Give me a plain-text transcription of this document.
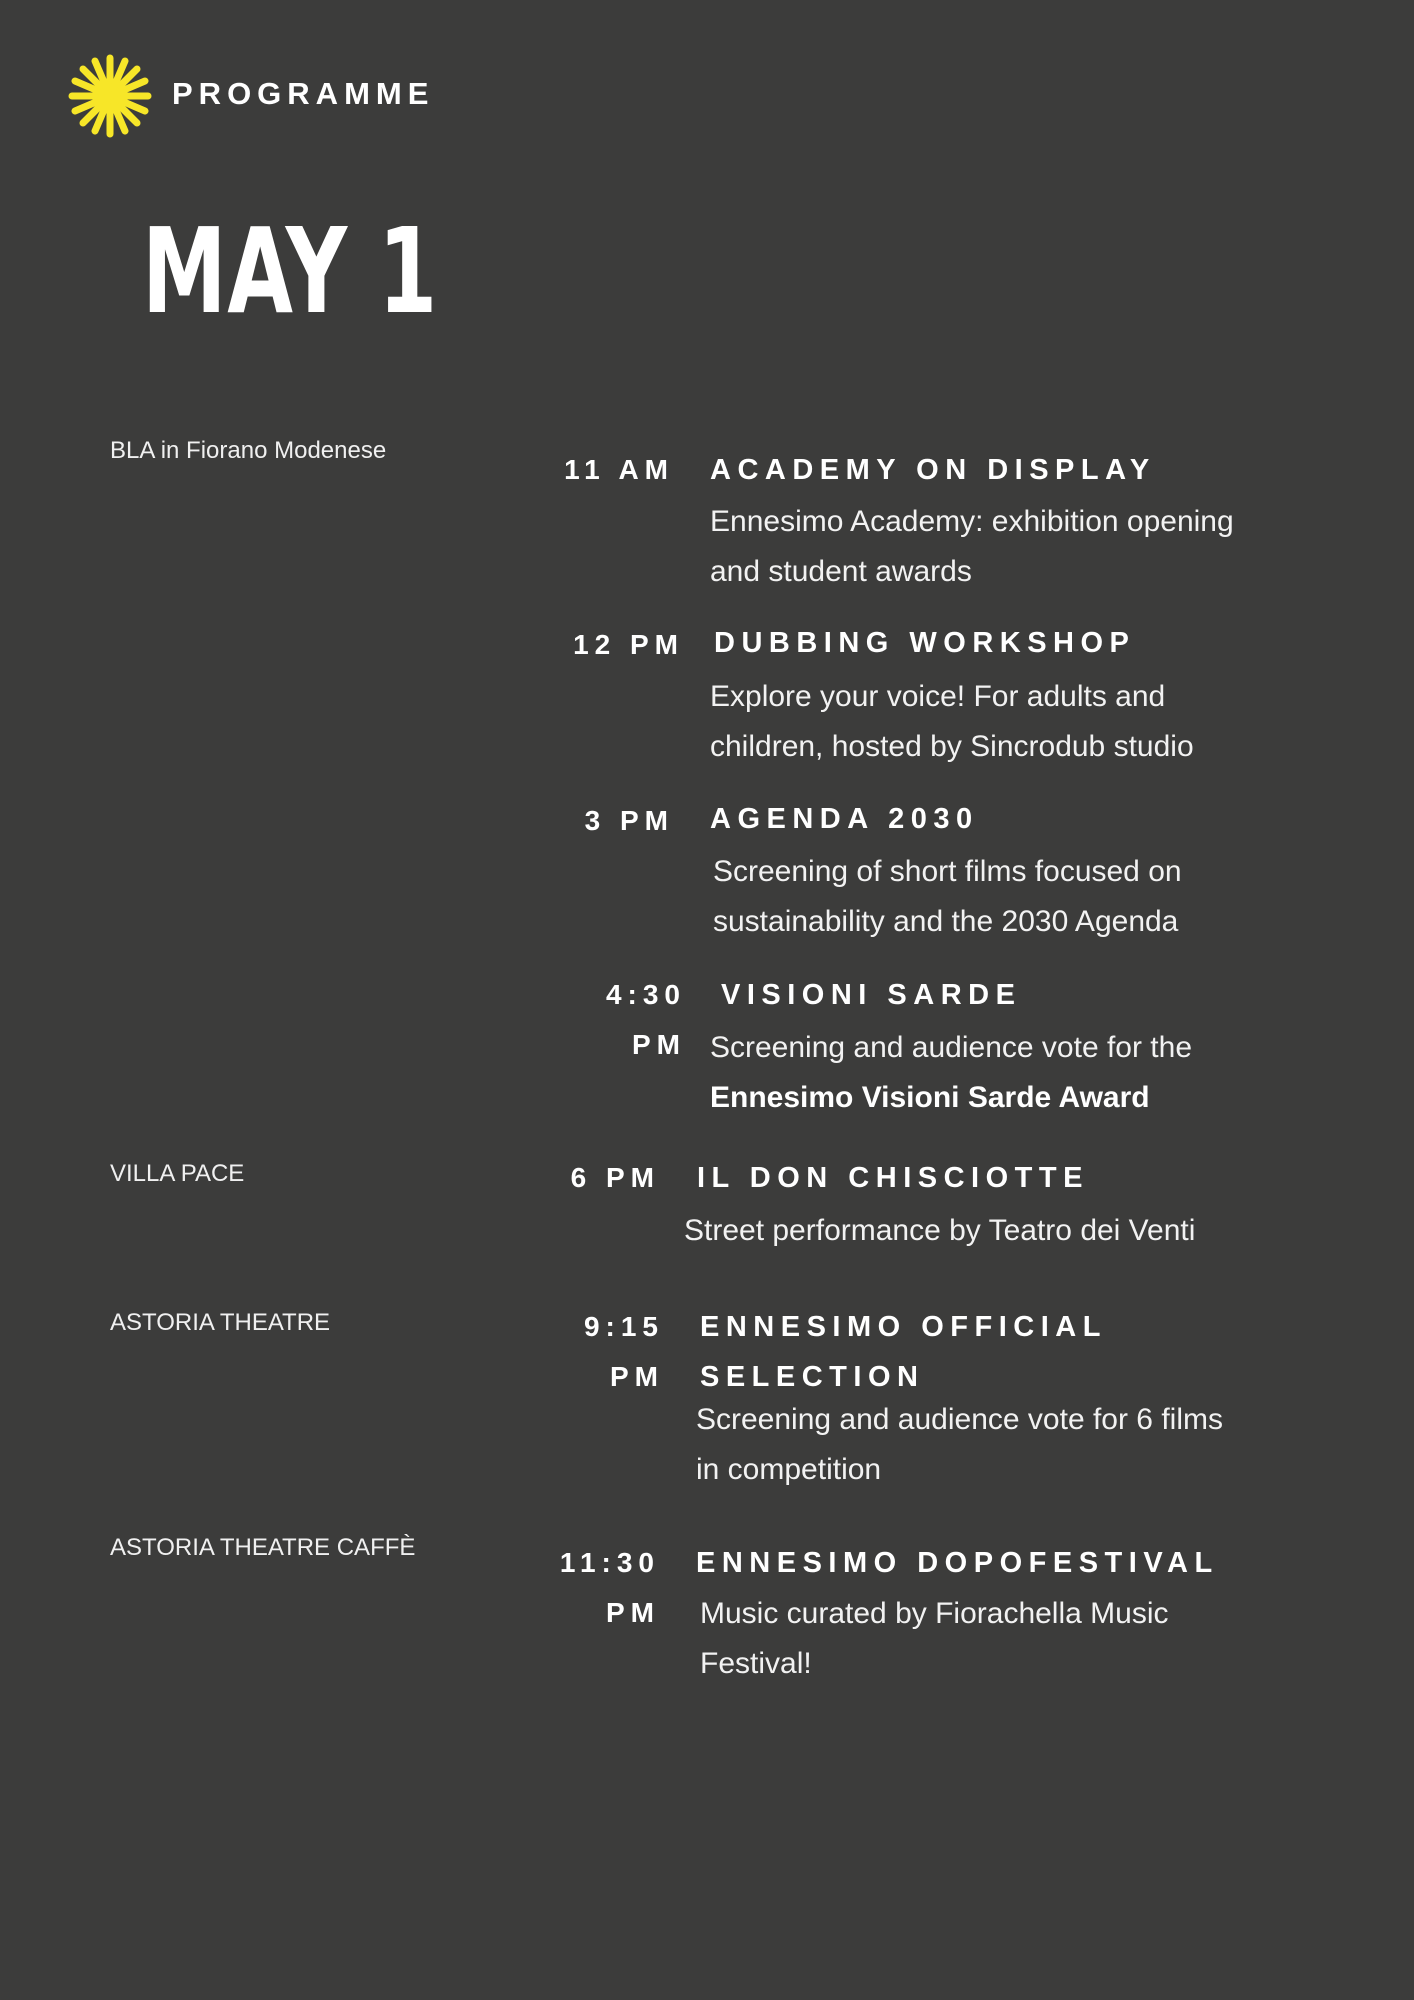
PROGRAMME
MAY 1
BLA in Fiorano Modenese
VILLA PACE
ASTORIA THEATRE
ASTORIA THEATRE CAFFÈ
11 AM ACADEMY ON DISPLAY
Ennesimo Academy: exhibition opening
and student awards
12 PM DUBBING WORKSHOP
Explore your voice! For adults and
children, hosted by Sincrodub studio
3 PM AGENDA 2030
Screening of short films focused on
sustainability and the 2030 Agenda
4:30
PM
VISIONI SARDE
Screening and audience vote for the
Ennesimo Visioni Sarde Award
6 PM IL DON CHISCIOTTE
Street performance by Teatro dei Venti
9:15
PM
ENNESIMO OFFICIAL
SELECTION
Screening and audience vote for 6 films
in competition
11:30
PM
ENNESIMO DOPOFESTIVAL
Music curated by Fiorachella Music
Festival!
